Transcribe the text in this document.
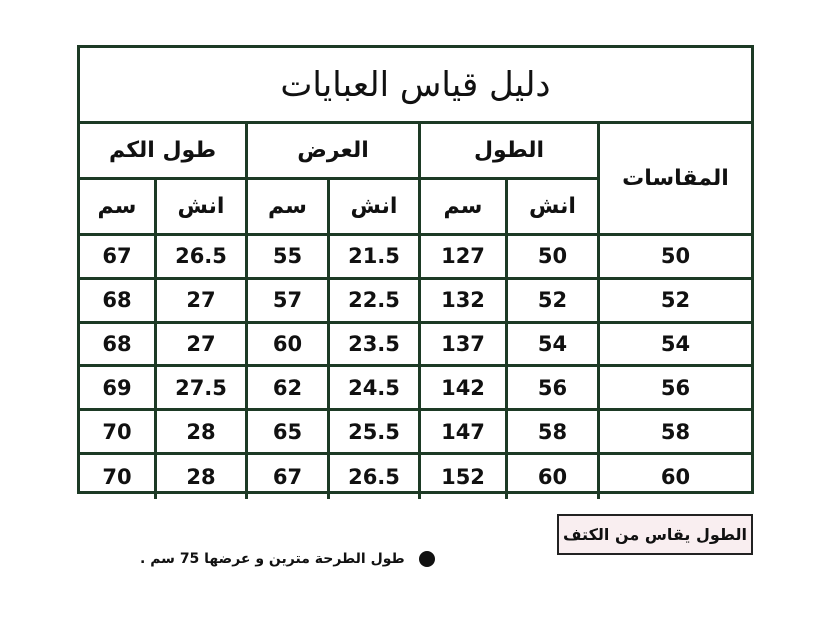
دليل قياس العبايات
المقاسات
الطول
العرض
طول الكم
انش
سم
انش
سم
انش
سم
50
50
127
21.5
55
26.5
67
52
52
132
22.5
57
27
68
54
54
137
23.5
60
27
68
56
56
142
24.5
62
27.5
69
58
58
147
25.5
65
28
70
60
60
152
26.5
67
28
70
الطول يقاس من الكتف
طول الطرحة مترين و عرضها 75 سم .
